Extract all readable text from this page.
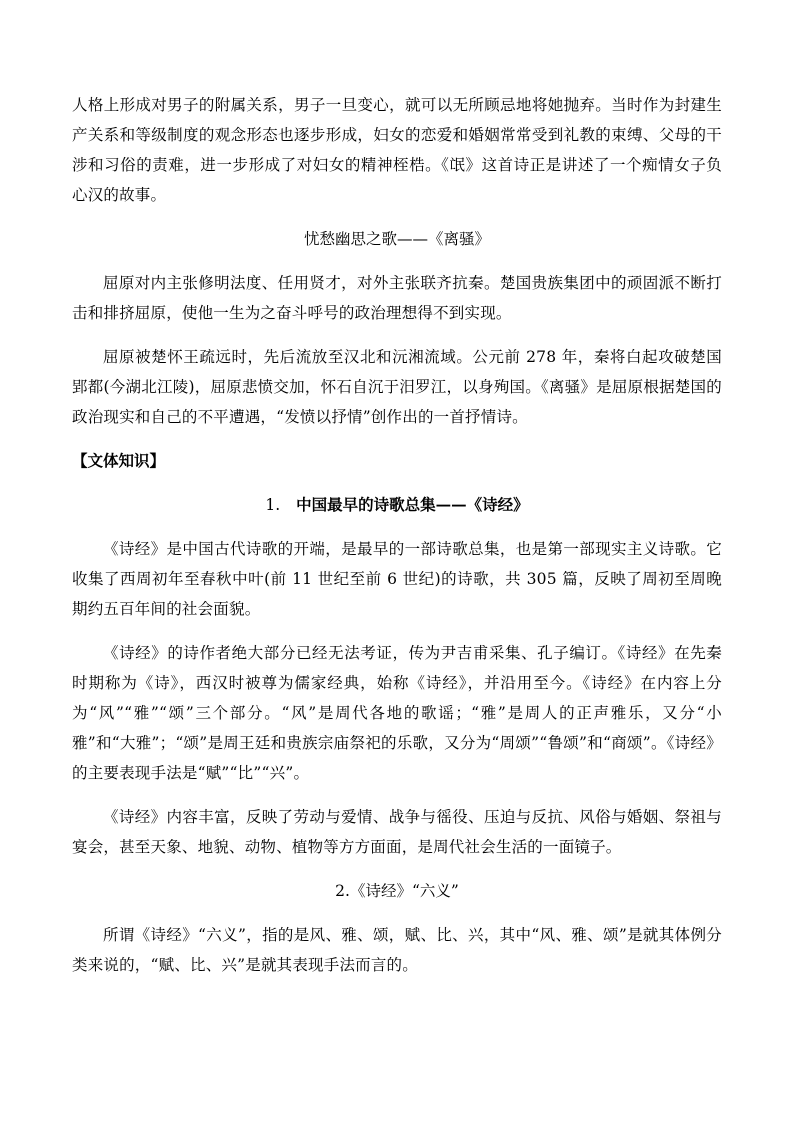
人格上形成对男子的附属关系，男子一旦变心，就可以无所顾忌地将她抛弃。当时作为封建生产关系和等级制度的观念形态也逐步形成，妇女的恋爱和婚姻常常受到礼教的束缚、父母的干涉和习俗的责难，进一步形成了对妇女的精神桎梏。《氓》这首诗正是讲述了一个痴情女子负心汉的故事。

忧愁幽思之歌——《离骚》

屈原对内主张修明法度、任用贤才，对外主张联齐抗秦。楚国贵族集团中的顽固派不断打击和排挤屈原，使他一生为之奋斗呼号的政治理想得不到实现。

屈原被楚怀王疏远时，先后流放至汉北和沅湘流域。公元前 278 年，秦将白起攻破楚国郢都(今湖北江陵)，屈原悲愤交加，怀石自沉于汨罗江，以身殉国。《离骚》是屈原根据楚国的政治现实和自己的不平遭遇，“发愤以抒情”创作出的一首抒情诗。

【文体知识】
1. 中国最早的诗歌总集——《诗经》

《诗经》是中国古代诗歌的开端，是最早的一部诗歌总集，也是第一部现实主义诗歌。它收集了西周初年至春秋中叶(前 11 世纪至前 6 世纪)的诗歌，共 305 篇，反映了周初至周晚期约五百年间的社会面貌。

《诗经》的诗作者绝大部分已经无法考证，传为尹吉甫采集、孔子编订。《诗经》在先秦时期称为《诗》，西汉时被尊为儒家经典，始称《诗经》，并沿用至今。《诗经》在内容上分为“风”“雅”“颂”三个部分。“风”是周代各地的歌谣；“雅”是周人的正声雅乐，又分“小雅”和“大雅”；“颂”是周王廷和贵族宗庙祭祀的乐歌，又分为“周颂”“鲁颂”和“商颂”。《诗经》的主要表现手法是“赋”“比”“兴”。

《诗经》内容丰富，反映了劳动与爱情、战争与徭役、压迫与反抗、风俗与婚姻、祭祖与宴会，甚至天象、地貌、动物、植物等方方面面，是周代社会生活的一面镜子。

2.《诗经》“六义”

所谓《诗经》“六义”，指的是风、雅、颂，赋、比、兴，其中“风、雅、颂”是就其体例分类来说的，“赋、比、兴”是就其表现手法而言的。
